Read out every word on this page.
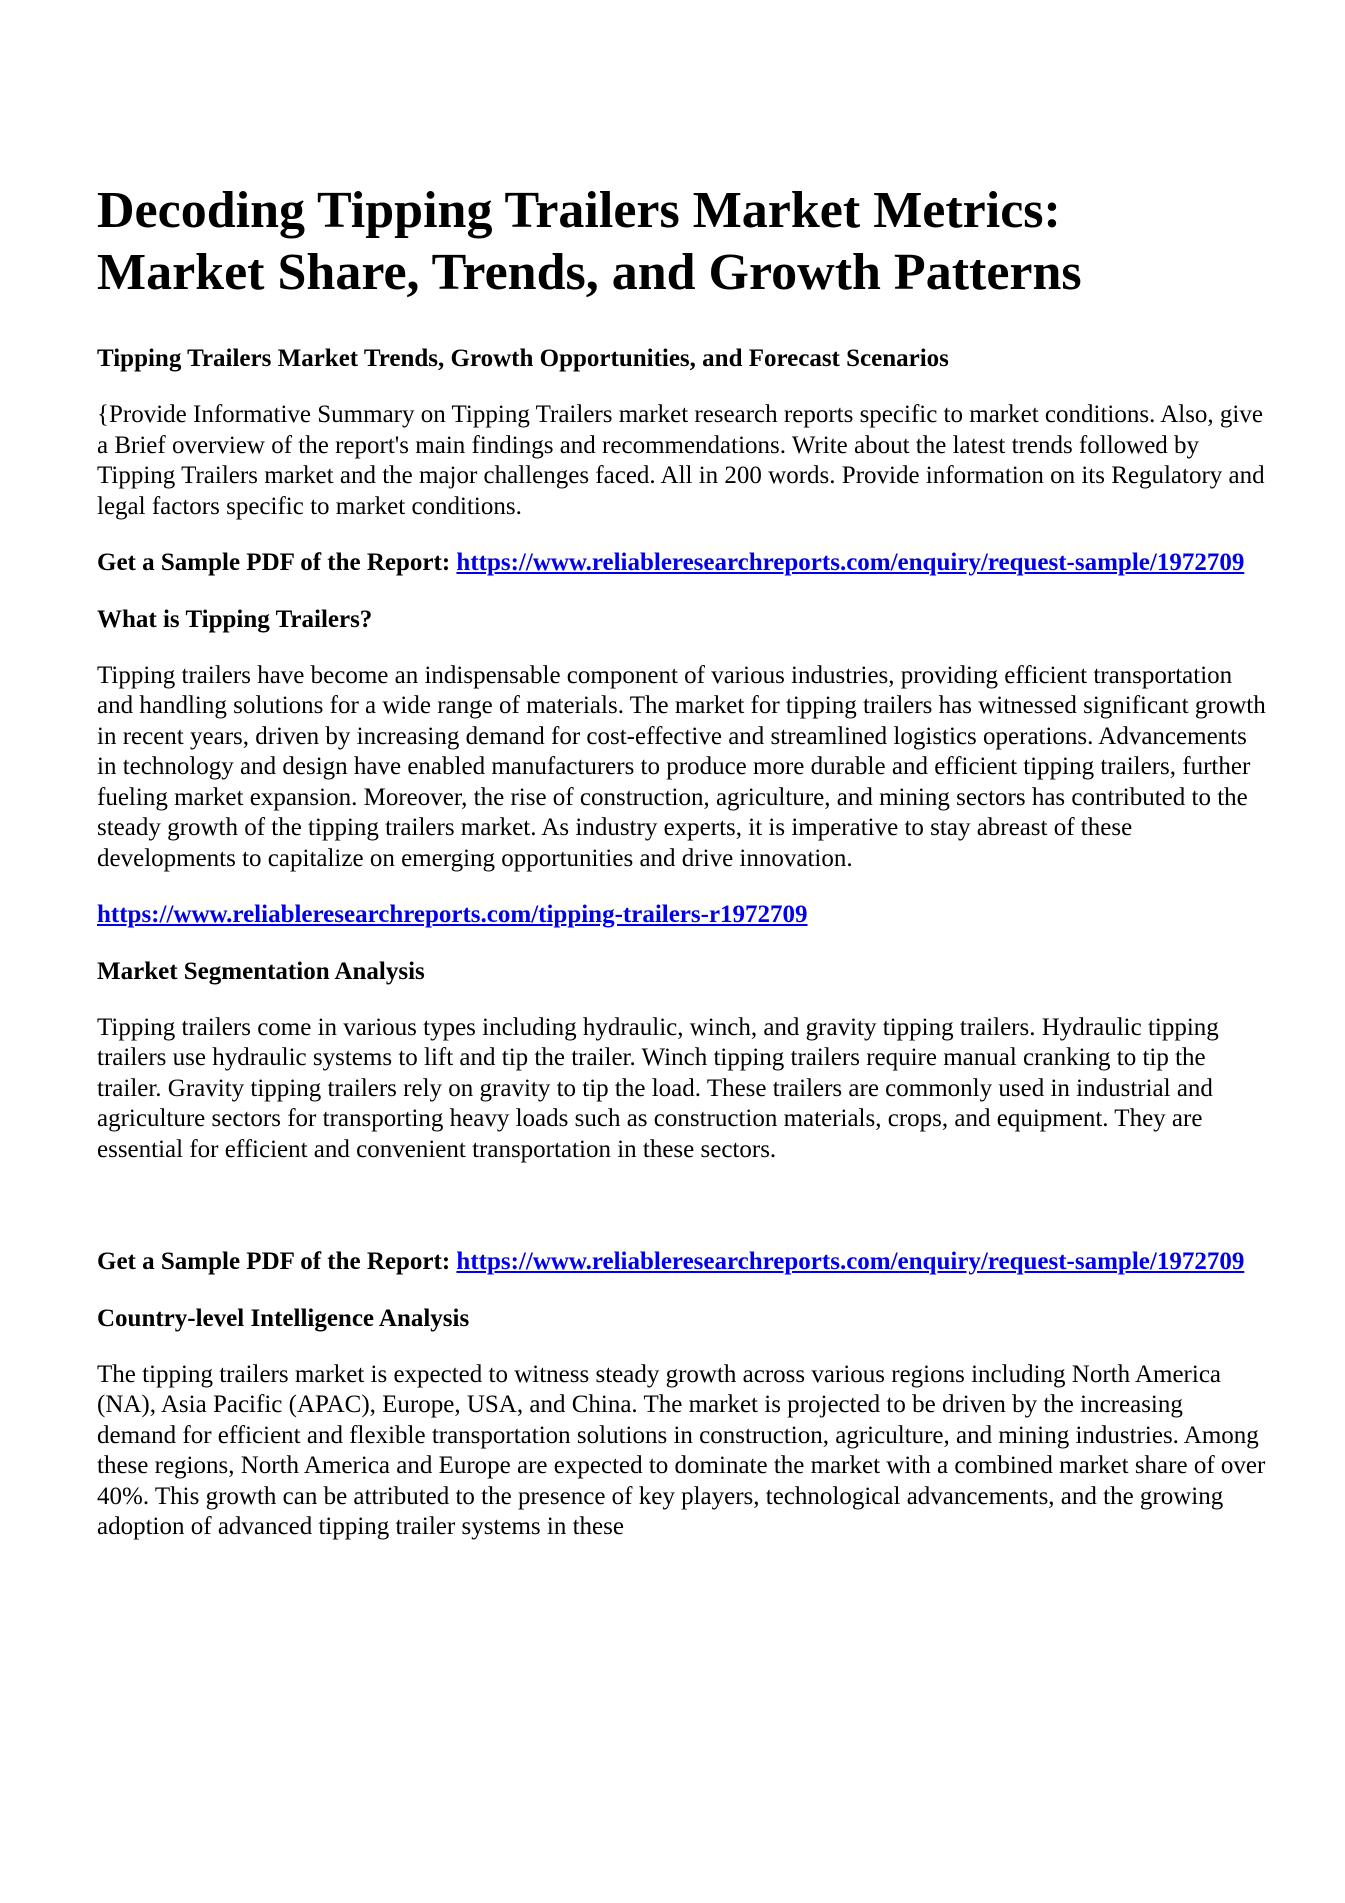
Decoding Tipping Trailers Market Metrics:
Market Share, Trends, and Growth Patterns
Tipping Trailers Market Trends, Growth Opportunities, and Forecast Scenarios

{Provide Informative Summary on Tipping Trailers market research reports specific to market conditions. Also, give a Brief overview of the report's main findings and recommendations. Write about the latest trends followed by Tipping Trailers market and the major challenges faced. All in 200 words. Provide information on its Regulatory and legal factors specific to market conditions.

Get a Sample PDF of the Report: https://www.reliableresearchreports.com/enquiry/request-sample/1972709

What is Tipping Trailers?

Tipping trailers have become an indispensable component of various industries, providing efficient transportation and handling solutions for a wide range of materials. The market for tipping trailers has witnessed significant growth in recent years, driven by increasing demand for cost-effective and streamlined logistics operations. Advancements in technology and design have enabled manufacturers to produce more durable and efficient tipping trailers, further fueling market expansion. Moreover, the rise of construction, agriculture, and mining sectors has contributed to the steady growth of the tipping trailers market. As industry experts, it is imperative to stay abreast of these developments to capitalize on emerging opportunities and drive innovation.

https://www.reliableresearchreports.com/tipping-trailers-r1972709

Market Segmentation Analysis

Tipping trailers come in various types including hydraulic, winch, and gravity tipping trailers. Hydraulic tipping trailers use hydraulic systems to lift and tip the trailer. Winch tipping trailers require manual cranking to tip the trailer. Gravity tipping trailers rely on gravity to tip the load. These trailers are commonly used in industrial and agriculture sectors for transporting heavy loads such as construction materials, crops, and equipment. They are essential for efficient and convenient transportation in these sectors.

Get a Sample PDF of the Report: https://www.reliableresearchreports.com/enquiry/request-sample/1972709

Country-level Intelligence Analysis

The tipping trailers market is expected to witness steady growth across various regions including North America (NA), Asia Pacific (APAC), Europe, USA, and China. The market is projected to be driven by the increasing demand for efficient and flexible transportation solutions in construction, agriculture, and mining industries. Among these regions, North America and Europe are expected to dominate the market with a combined market share of over 40%. This growth can be attributed to the presence of key players, technological advancements, and the growing adoption of advanced tipping trailer systems in these
